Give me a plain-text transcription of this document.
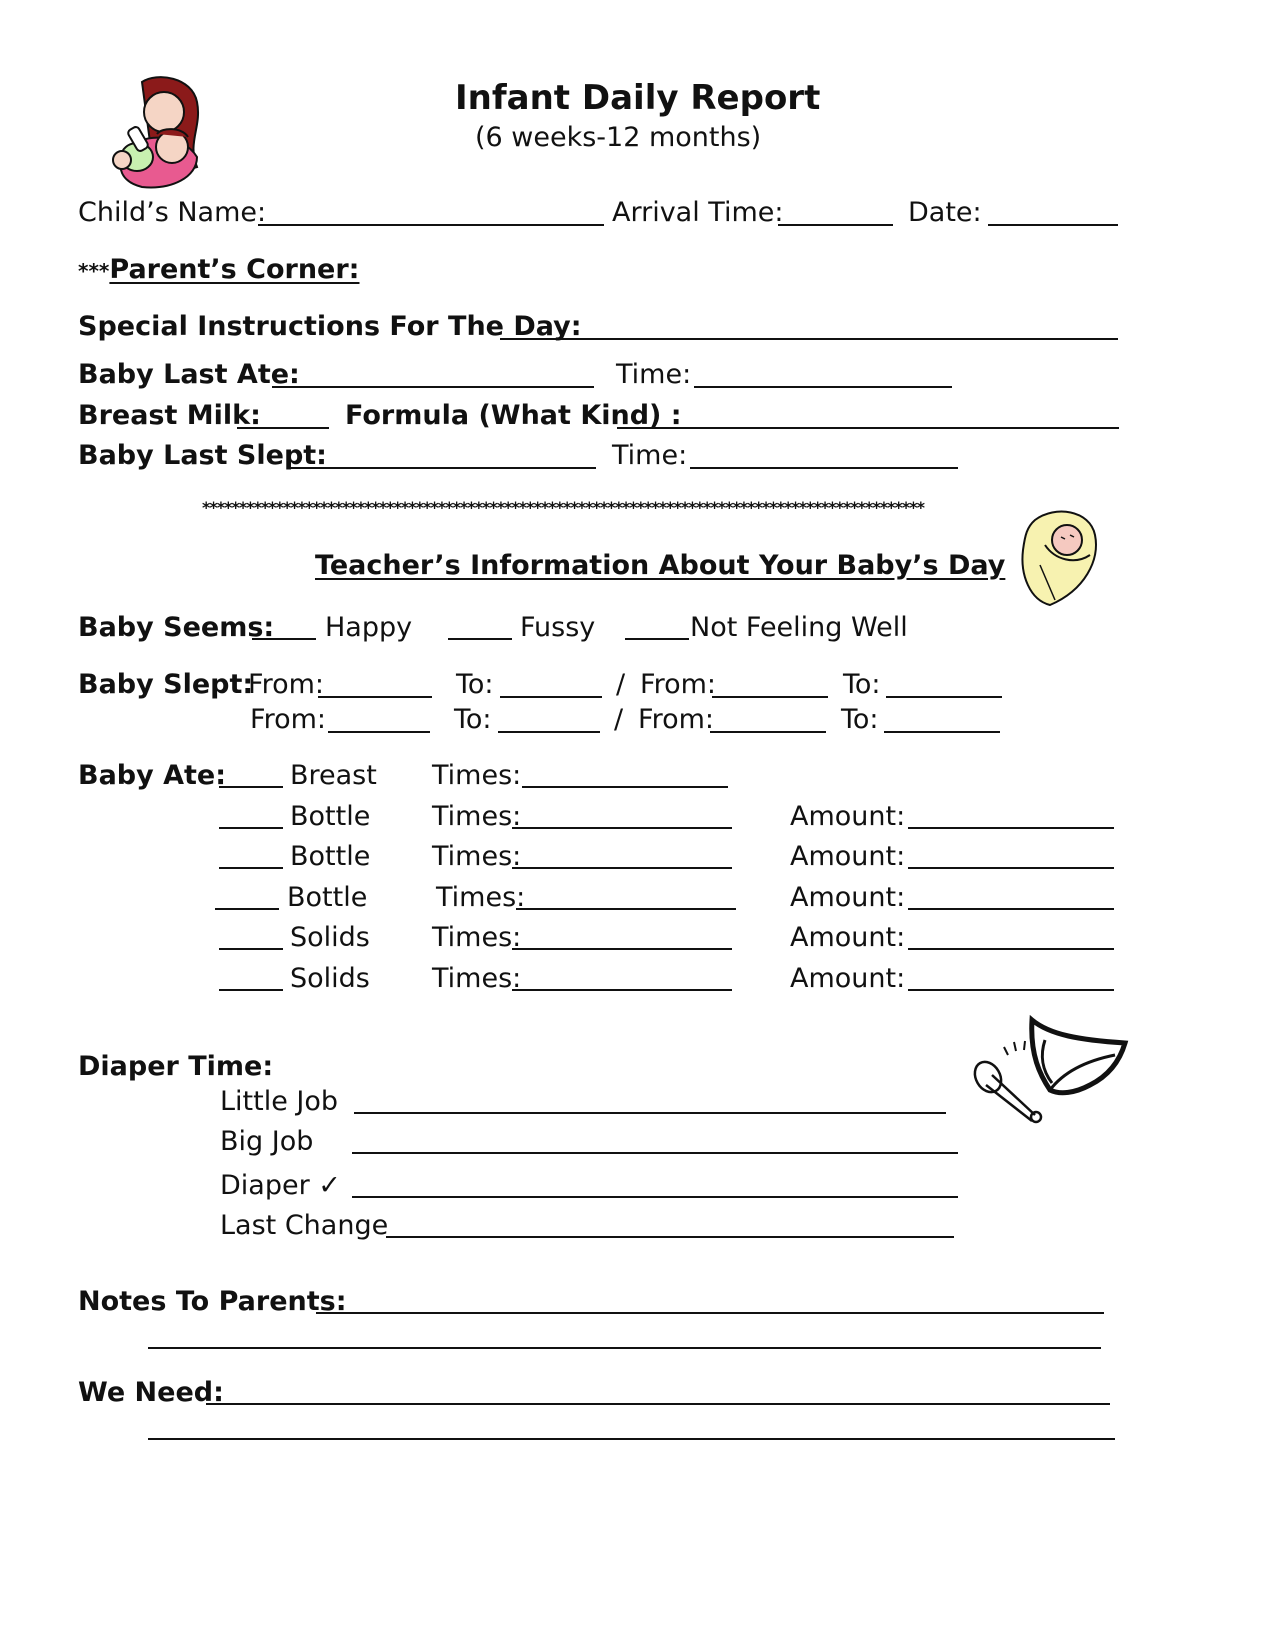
Infant Daily Report
(6 weeks-12 months)
Child’s Name:	Arrival Time:	Date:
***Parent’s Corner:
Special Instructions For The Day:
Baby Last Ate:	Time:
Breast Milk:	Formula (What Kind) :
Baby Last Slept:	Time:
**************************************************************************************************
Teacher’s Information About Your Baby’s Day
Baby Seems: Happy	Fussy	Not Feeling Well
Baby Slept:
From:	To:	/ From:	To:
From:	To:	/ From:	To:
Baby Ate: Breast Times:
Bottle Times:	Amount:
Bottle Times:	Amount:
Bottle	Times:	Amount:
Solids Times:	Amount:
Solids Times:	Amount:
Diaper Time:
Little Job
Big Job
Diaper ✓
Last Change
Notes To Parents:
We Need:
